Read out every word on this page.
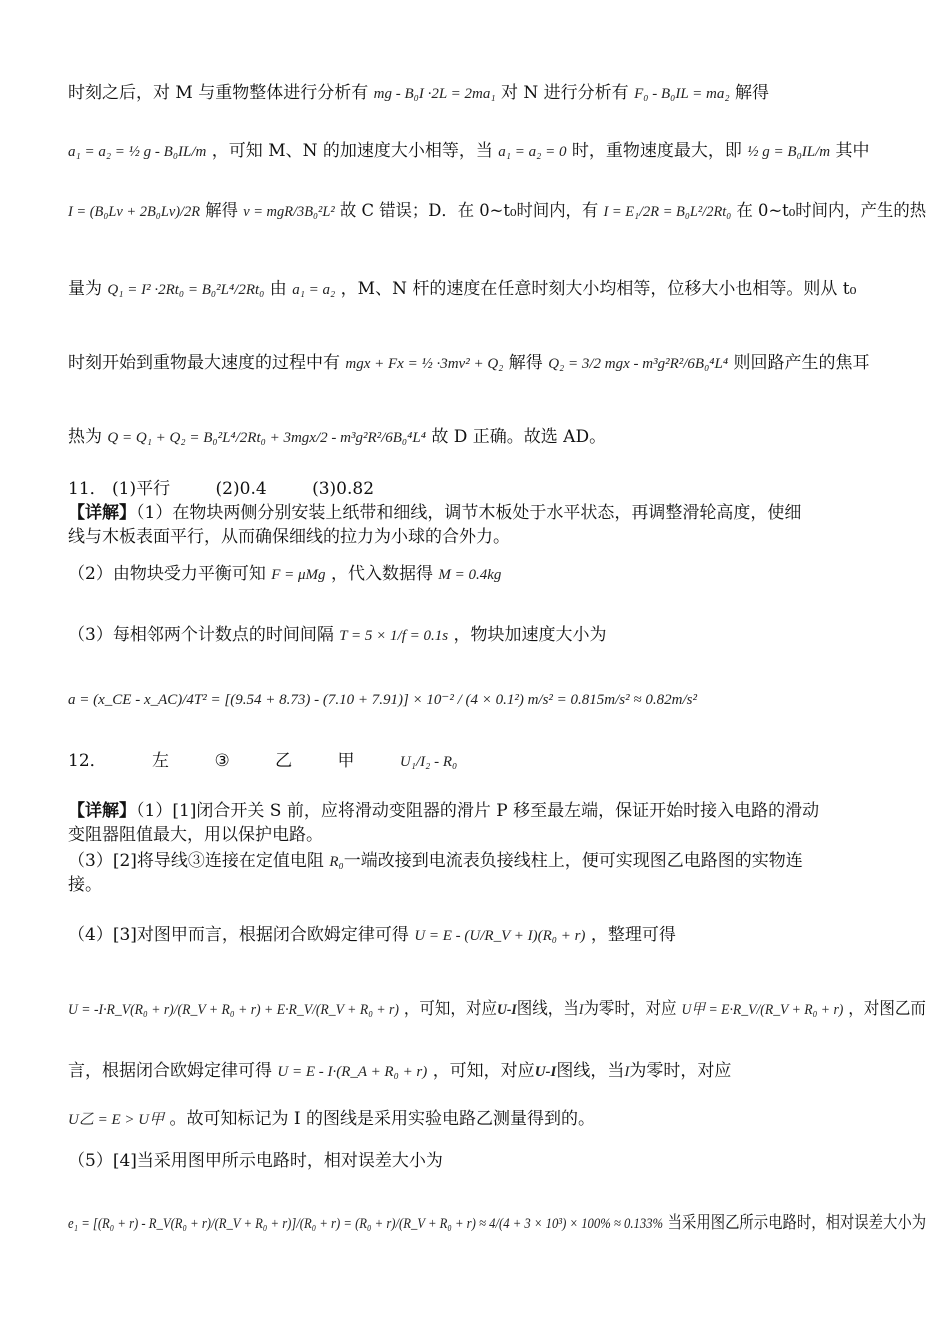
时刻之后，对 M 与重物整体进行分析有 mg - B₀I ·2L = 2ma₁ 对 N 进行分析有 F₀ - B₀IL = ma₂ 解得
a₁ = a₂ = ½ g - B₀IL/m ，可知 M、N 的加速度大小相等，当 a₁ = a₂ = 0 时，重物速度最大，即 ½ g = B₀IL/m 其中
I = (B₀Lv + 2B₀Lv)/2R 解得 v = mgR/3B₀²L² 故 C 错误；D．在 0~t₀时间内，有 I = E₁/2R = B₀L²/2Rt₀ 在 0~t₀时间内，产生的热
量为 Q₁ = I² ·2Rt₀ = B₀²L⁴/2Rt₀ 由 a₁ = a₂ ，M、N 杆的速度在任意时刻大小均相等，位移大小也相等。则从 t₀
时刻开始到重物最大速度的过程中有 mgx + Fx = ½ ·3mv² + Q₂ 解得 Q₂ = 3/2 mgx - m³g²R²/6B₀⁴L⁴ 则回路产生的焦耳
热为 Q = Q₁ + Q₂ = B₀²L⁴/2Rt₀ + 3mgx/2 - m³g²R²/6B₀⁴L⁴ 故 D 正确。故选 AD。
11． (1)平行	(2)0.4	(3)0.82
【详解】（1）在物块两侧分别安装上纸带和细线，调节木板处于水平状态，再调整滑轮高度，使细
线与木板表面平行，从而确保细线的拉力为小球的合外力。
（2）由物块受力平衡可知 F = μMg ，代入数据得 M = 0.4kg
（3）每相邻两个计数点的时间间隔 T = 5 × 1/f = 0.1s ，物块加速度大小为
a = (x_CE - x_AC)/4T² = [(9.54 + 8.73) - (7.10 + 7.91)] × 10⁻² / (4 × 0.1²) m/s² = 0.815m/s² ≈ 0.82m/s²
12．	左	③	乙	甲	U₁/I₂ - R₀
【详解】（1）[1]闭合开关 S 前，应将滑动变阻器的滑片 P 移至最左端，保证开始时接入电路的滑动
变阻器阻值最大，用以保护电路。
（3）[2]将导线③连接在定值电阻 R₀一端改接到电流表负接线柱上，便可实现图乙电路图的实物连
接。
（4）[3]对图甲而言，根据闭合欧姆定律可得 U = E - (U/R_V + I)(R₀ + r) ，整理可得
U = -I·R_V(R₀ + r)/(R_V + R₀ + r) + E·R_V/(R_V + R₀ + r) ，可知，对应U-I图线，当I为零时，对应 U甲 = E·R_V/(R_V + R₀ + r) ，对图乙而
言，根据闭合欧姆定律可得 U = E - I·(R_A + R₀ + r) ，可知，对应U-I图线，当I为零时，对应
U乙 = E > U甲 。故可知标记为 I 的图线是采用实验电路乙测量得到的。
（5）[4]当采用图甲所示电路时，相对误差大小为
e₁ = [(R₀ + r) - R_V(R₀ + r)/(R_V + R₀ + r)]/(R₀ + r) = (R₀ + r)/(R_V + R₀ + r) ≈ 4/(4 + 3 × 10³) × 100% ≈ 0.133% 当采用图乙所示电路时，相对误差大小为
